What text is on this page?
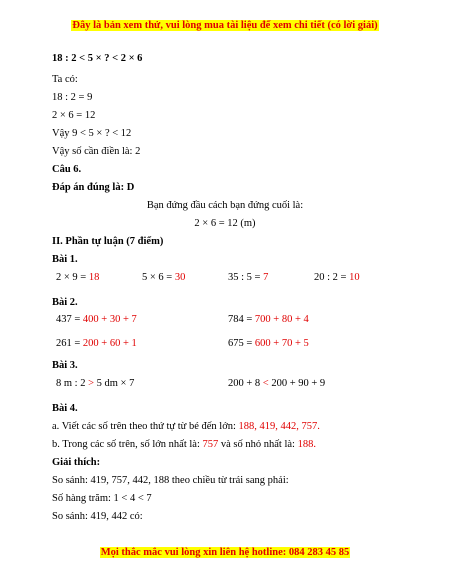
Đây là bản xem thử, vui lòng mua tài liệu để xem chi tiết (có lời giải)
18 : 2 < 5 × ? < 2 × 6
Ta có:
18 : 2 = 9
2 × 6 = 12
Vậy 9 < 5 × ? < 12
Vậy số cần điền là: 2
Câu 6.
Đáp án đúng là: D
Bạn đứng đầu cách bạn đứng cuối là:
2 × 6 = 12 (m)
II. Phần tự luận (7 điểm)
Bài 1.
2 × 9 = 18	5 × 6 = 30	35 : 5 = 7	20 : 2 = 10
Bài 2.
437 = 400 + 30 + 7	784 = 700 + 80 + 4
261 = 200 + 60 + 1	675 = 600 + 70 + 5
Bài 3.
8 m : 2 > 5 dm × 7	200 + 8 < 200 + 90 + 9
Bài 4.
a. Viết các số trên theo thứ tự từ bé đến lớn: 188, 419, 442, 757.
b. Trong các số trên, số lớn nhất là: 757 và số nhỏ nhất là: 188.
Giải thích:
So sánh: 419, 757, 442, 188 theo chiều từ trái sang phải:
Số hàng trăm: 1 < 4 < 7
So sánh: 419, 442 có:
Mọi thắc mắc vui lòng xin liên hệ hotline: 084 283 45 85
